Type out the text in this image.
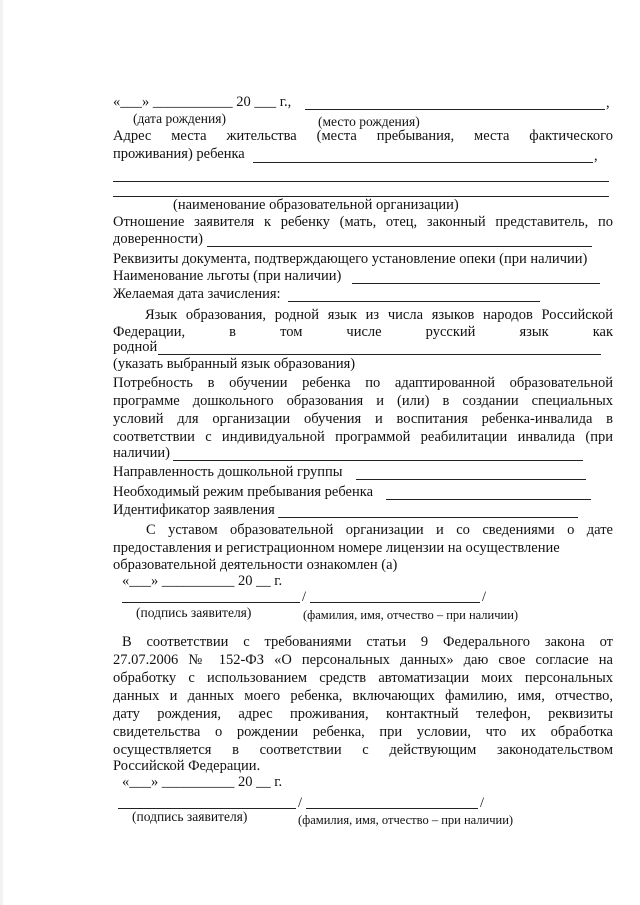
«___» ___________ 20 ___ г.,	,
(дата рождения)	(место рождения)
Адрес места жительства (места пребывания, места фактического
проживания) ребенка	,
(наименование образовательной организации)
Отношение заявителя к ребенку (мать, отец, законный представитель, по
доверенности)
Реквизиты документа, подтверждающего установление опеки (при наличии)
Наименование льготы (при наличии)
Желаемая дата зачисления:
Язык образования, родной язык из числа языков народов Российской
Федерации, в том числе русский язык как
родной
(указать выбранный язык образования)
Потребность в обучении ребенка по адаптированной образовательной
программе дошкольного образования и (или) в создании специальных
условий для организации обучения и воспитания ребенка-инвалида в
соответствии с индивидуальной программой реабилитации инвалида (при
наличии)
Направленность дошкольной группы
Необходимый режим пребывания ребенка
Идентификатор заявления
С уставом образовательной организации и со сведениями о дате
предоставления и регистрационном номере лицензии на осуществление
образовательной деятельности ознакомлен (а)
«___» __________ 20 __ г.
/	/
(подпись заявителя)	(фамилия, имя, отчество – при наличии)
В соответствии с требованиями статьи 9 Федерального закона от
27.07.2006 № 152-ФЗ «О персональных данных» даю свое согласие на
обработку с использованием средств автоматизации моих персональных
данных и данных моего ребенка, включающих фамилию, имя, отчество,
дату рождения, адрес проживания, контактный телефон, реквизиты
свидетельства о рождении ребенка, при условии, что их обработка
осуществляется в соответствии с действующим законодательством
Российской Федерации.
«___» __________ 20 __ г.
/	/
(подпись заявителя)	(фамилия, имя, отчество – при наличии)
